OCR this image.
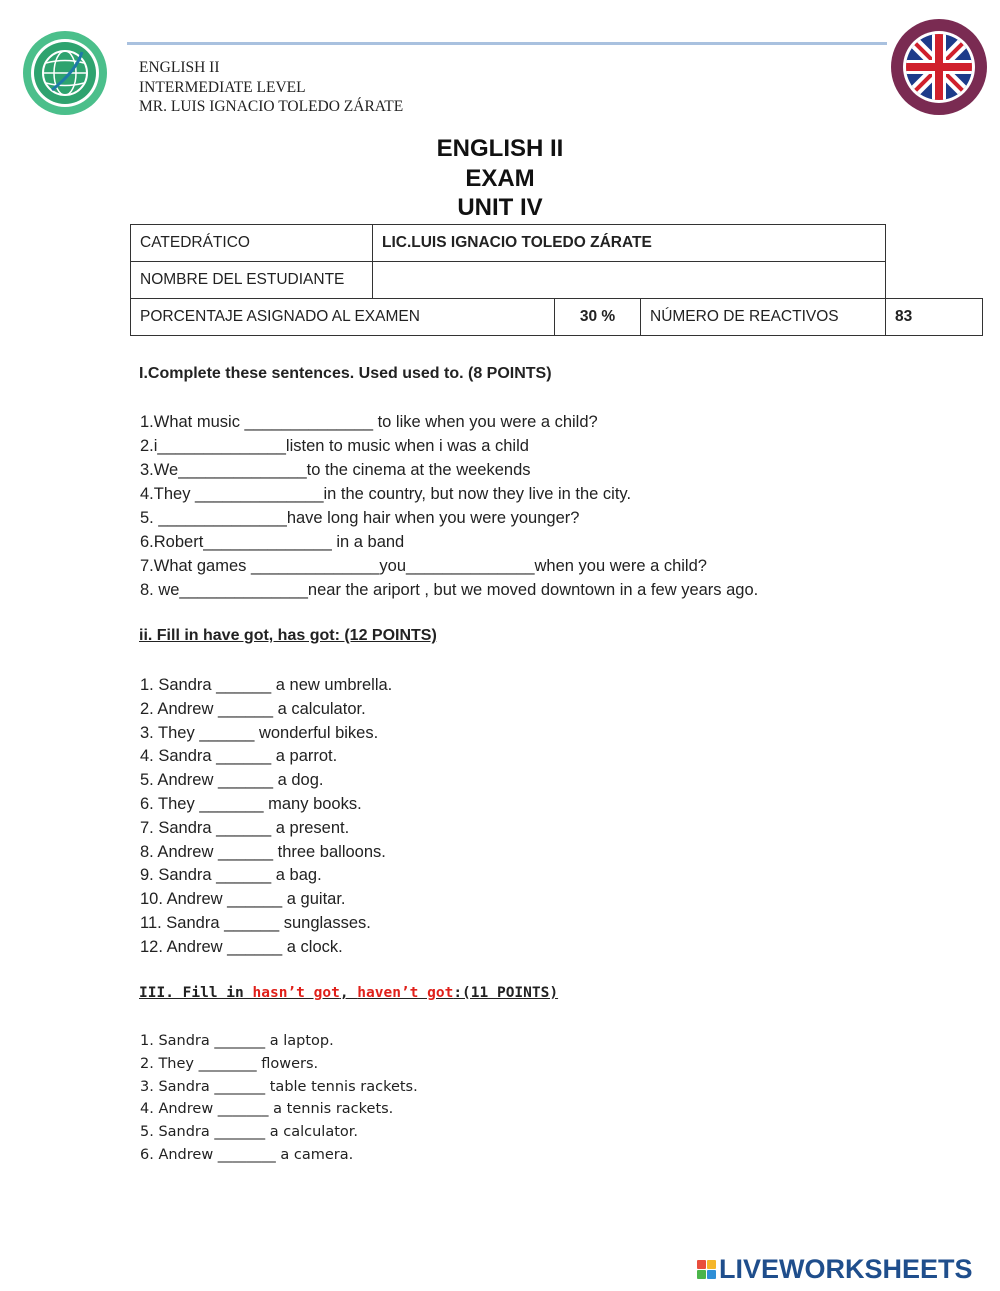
ENGLISH II
INTERMEDIATE LEVEL
MR. LUIS IGNACIO TOLEDO ZÁRATE
ENGLISH II
EXAM
UNIT IV
CATEDRÁTICO	LIC.LUIS IGNACIO TOLEDO ZÁRATE			
NOMBRE DEL ESTUDIANTE				
PORCENTAJE ASIGNADO AL EXAMEN		30 %	NÚMERO DE REACTIVOS	83
I.Complete these sentences. Used used to. (8 POINTS)
1.What music ______________ to like when you were a child?
2.i______________listen to music when i was a child
3.We______________to the cinema at the weekends
4.They ______________in the country, but now they live in the city.
5. ______________have long hair when you were younger?
6.Robert______________ in a band
7.What games ______________you______________when you were a child?
8. we______________near the ariport , but we moved downtown in a few years ago.
ii. Fill in have got, has got: (12 POINTS)
1. Sandra ______ a new umbrella.
2. Andrew ______ a calculator.
3. They ______ wonderful bikes.
4. Sandra ______ a parrot.
5. Andrew ______ a dog.
6. They _______ many books.
7. Sandra ______ a present.
8. Andrew ______ three balloons.
9. Sandra ______ a bag.
10. Andrew ______ a guitar.
11. Sandra ______ sunglasses.
12. Andrew ______ a clock.
III. Fill in hasn’t got, haven’t got:(11 POINTS)
1. Sandra _______ a laptop.
2. They ________ flowers.
3. Sandra _______ table tennis rackets.
4. Andrew _______ a tennis rackets.
5. Sandra _______ a calculator.
6. Andrew ________ a camera.
LIVEWORKSHEETS
